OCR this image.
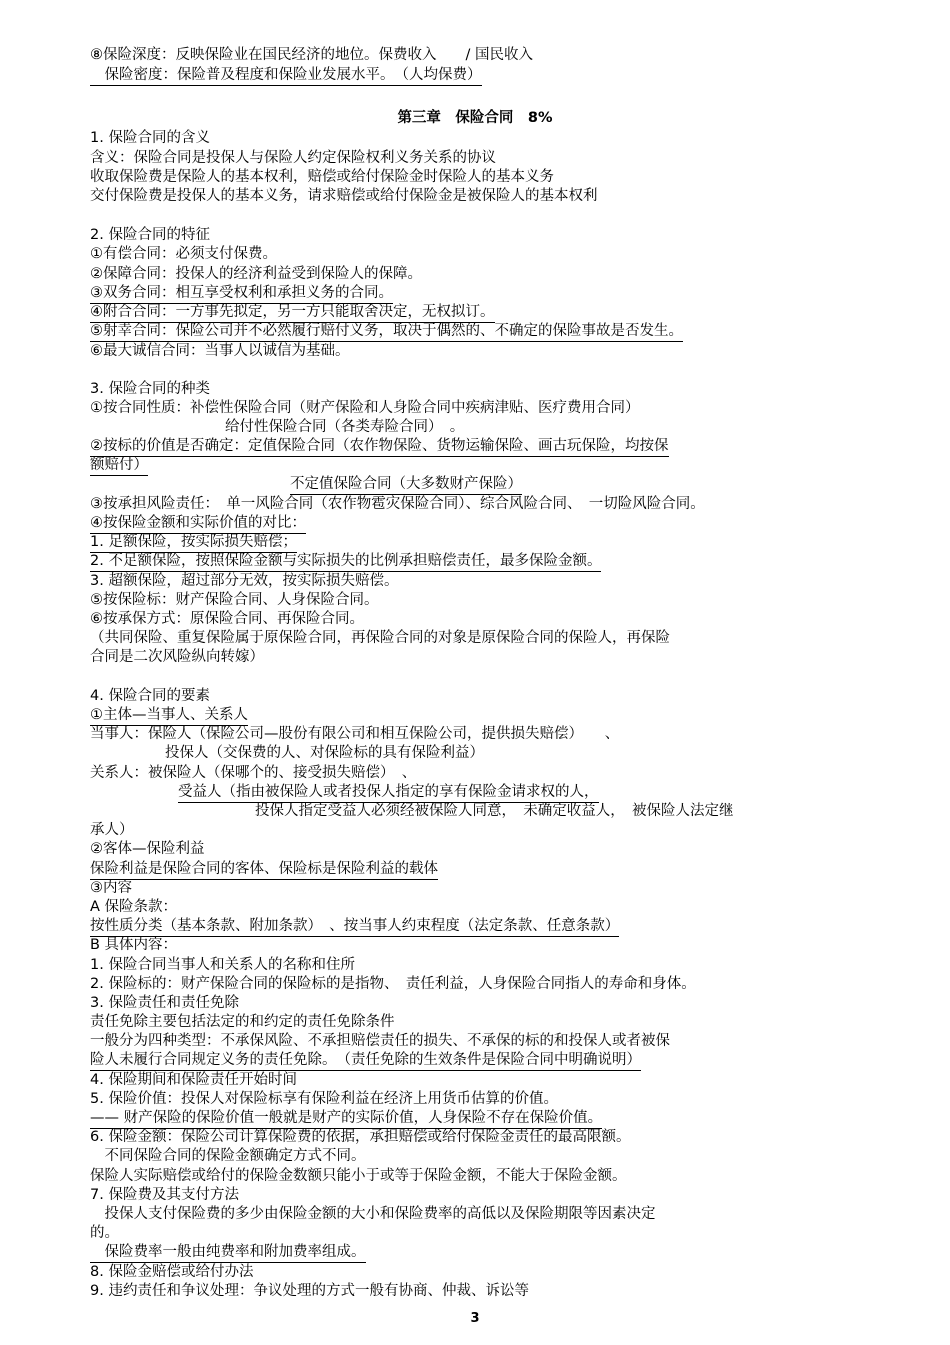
⑧保险深度：反映保险业在国民经济的地位。保费收入　　/ 国民收入
　保险密度：保险普及程度和保险业发展水平。　（人均保费）
第三章　保险合同　8%
1. 保险合同的含义
含义：保险合同是投保人与保险人约定保险权利义务关系的协议
收取保险费是保险人的基本权利，赔偿或给付保险金时保险人的基本义务
交付保险费是投保人的基本义务，请求赔偿或给付保险金是被保险人的基本权利
2. 保险合同的特征
①有偿合同：必须支付保费。
②保障合同：投保人的经济利益受到保险人的保障。
③双务合同：相互享受权利和承担义务的合同。
④附合合同：一方事先拟定，另一方只能取舍决定，无权拟订。
⑤射幸合同：保险公司并不必然履行赔付义务，取决于偶然的、不确定的保险事故是否发生。
⑥最大诚信合同：当事人以诚信为基础。
3. 保险合同的种类
①按合同性质：补偿性保险合同（财产保险和人身险合同中疾病津贴、医疗费用合同）
给付性保险合同（各类寿险合同）　。
②按标的价值是否确定：定值保险合同（农作物保险、货物运输保险、画古玩保险，均按保
额赔付）
不定值保险合同（大多数财产保险）
③按承担风险责任：　单一风险合同（农作物雹灾保险合同）、综合风险合同、　一切险风险合同。
④按保险金额和实际价值的对比：
1. 足额保险，按实际损失赔偿；
2. 不足额保险，按照保险金额与实际损失的比例承担赔偿责任，最多保险金额。
3. 超额保险，超过部分无效，按实际损失赔偿。
⑤按保险标：财产保险合同、人身保险合同。
⑥按承保方式：原保险合同、再保险合同。
（共同保险、重复保险属于原保险合同，再保险合同的对象是原保险合同的保险人，再保险
合同是二次风险纵向转嫁）
4. 保险合同的要素
①主体—当事人、关系人
当事人：保险人（保险公司—股份有限公司和相互保险公司，提供损失赔偿）　　、
投保人（交保费的人、对保险标的具有保险利益）
关系人：被保险人（保哪个的、接受损失赔偿）　、
受益人（指由被保险人或者投保人指定的享有保险金请求权的人，
投保人指定受益人必须经被保险人同意，　未确定收益人，　被保险人法定继
承人）
②客体—保险利益
保险利益是保险合同的客体、保险标是保险利益的载体
③内容
A 保险条款：
按性质分类（基本条款、附加条款）　、按当事人约束程度（法定条款、任意条款）
B 具体内容：
1. 保险合同当事人和关系人的名称和住所
2. 保险标的：财产保险合同的保险标的是指物、　责任利益，人身保险合同指人的寿命和身体。
3. 保险责任和责任免除
责任免除主要包括法定的和约定的责任免除条件
一般分为四种类型：不承保风险、不承担赔偿责任的损失、不承保的标的和投保人或者被保
险人未履行合同规定义务的责任免除。　（责任免除的生效条件是保险合同中明确说明）
4. 保险期间和保险责任开始时间
5. 保险价值：投保人对保险标享有保险利益在经济上用货币估算的价值。
—— 财产保险的保险价值一般就是财产的实际价值，人身保险不存在保险价值。
6. 保险金额：保险公司计算保险费的依据，承担赔偿或给付保险金责任的最高限额。
　不同保险合同的保险金额确定方式不同。
保险人实际赔偿或给付的保险金数额只能小于或等于保险金额，不能大于保险金额。
7. 保险费及其支付方法
　投保人支付保险费的多少由保险金额的大小和保险费率的高低以及保险期限等因素决定
的。
　保险费率一般由纯费率和附加费率组成。
8. 保险金赔偿或给付办法
9. 违约责任和争议处理：争议处理的方式一般有协商、仲裁、诉讼等
3
